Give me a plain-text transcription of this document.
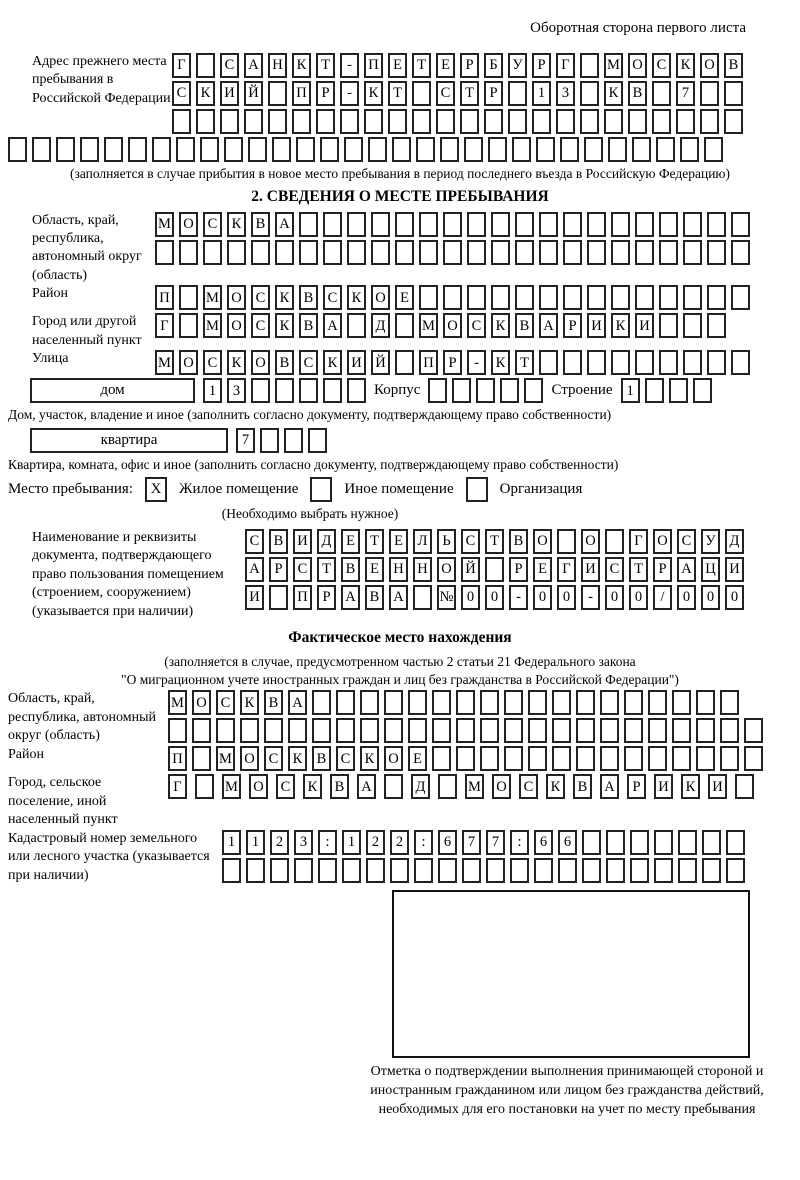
Оборотная сторона первого листа
Адрес прежнего места пребывания в Российской Федерации
Г	С А Н К	Т	-	П Е	Т	Е	Р	Б	У	Р	Г	М О С К О В
С К И Й	П	Р	-	К	Т	С	Т	Р	1	3	К В	7
(заполняется в случае прибытия в новое место пребывания в период последнего въезда в Российскую Федерацию)
2. СВЕДЕНИЯ О МЕСТЕ ПРЕБЫВАНИЯ
Область, край, республика, автономный округ (область)
М О С К В А
Район	П	М О С К В С К О Е
Город или другой населенный пункт
Г	М О С К В А	Д	М О С К В А	Р	И К И
Улица	М О С К О В С К И Й	П	Р	-	К	Т
дом	1	3	Корпус	Строение 1
Дом, участок, владение и иное (заполнить согласно документу, подтверждающему право собственности)
квартира	7
Квартира, комната, офис и иное (заполнить согласно документу, подтверждающему право собственности)
Место пребывания:	X	Жилое помещение	Иное помещение	Организация
(Необходимо выбрать нужное)
Наименование и реквизиты документа, подтверждающего право пользования помещением (строением, сооружением) (указывается при наличии)
С В И Д	Е	Т	Е	Л	Ь	С	Т	В О	О	Г	О С У Д
А	Р	С	Т	В	Е Н Н О Й	Р	Е	Г	И С	Т	Р	А Ц И
И	П	Р	А В А № 0	0	-	0	0	-	0	0	/	0	0	0
Фактическое место нахождения
(заполняется в случае, предусмотренном частью 2 статьи 21 Федерального закона
"О миграционном учете иностранных граждан и лиц без гражданства в Российской Федерации")
Область, край, республика, автономный округ (область)
М О С К В А
Район	П	М О С К В С К О Е
Город, сельское поселение, иной населенный пункт
Г	М О	С	К	В	А	Д	М О	С	К	В	А	Р	И	К	И
Кадастровый номер земельного или лесного участка (указывается при наличии)
1	1	2	3	:	1	2	2	:	6	7	7	:	6	6
Отметка о подтверждении выполнения принимающей стороной и иностранным гражданином или лицом без гражданства действий, необходимых для его постановки на учет по месту пребывания
